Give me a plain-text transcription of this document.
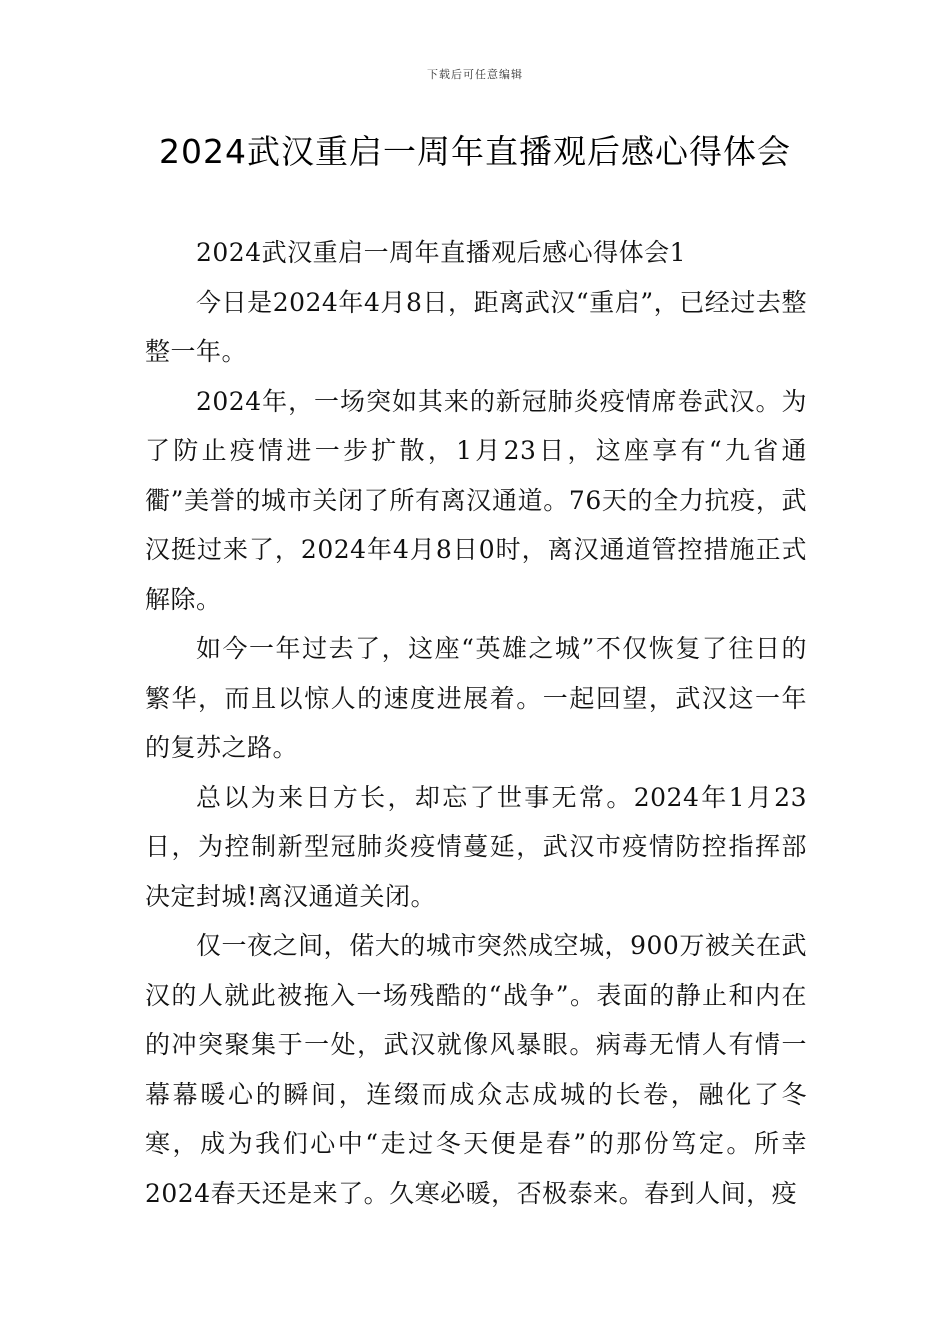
下载后可任意编辑
2024武汉重启一周年直播观后感心得体会

2024武汉重启一周年直播观后感心得体会1

今日是2024年4月8日，距离武汉“重启”，已经过去整整一年。

2024年，一场突如其来的新冠肺炎疫情席卷武汉。为了防止疫情进一步扩散，1月23日，这座享有“九省通衢”美誉的城市关闭了所有离汉通道。76天的全力抗疫，武汉挺过来了，2024年4月8日0时，离汉通道管控措施正式解除。

如今一年过去了，这座“英雄之城”不仅恢复了往日的繁华，而且以惊人的速度进展着。一起回望，武汉这一年的复苏之路。

总以为来日方长，却忘了世事无常。2024年1月23日，为控制新型冠肺炎疫情蔓延，武汉市疫情防控指挥部决定封城!离汉通道关闭。

仅一夜之间，偌大的城市突然成空城，900万被关在武汉的人就此被拖入一场残酷的“战争”。表面的静止和内在的冲突聚集于一处，武汉就像风暴眼。病毒无情人有情一幕幕暖心的瞬间，连缀而成众志成城的长卷，融化了冬寒，成为我们心中“走过冬天便是春”的那份笃定。所幸2024春天还是来了。久寒必暖，否极泰来。春到人间，疫
